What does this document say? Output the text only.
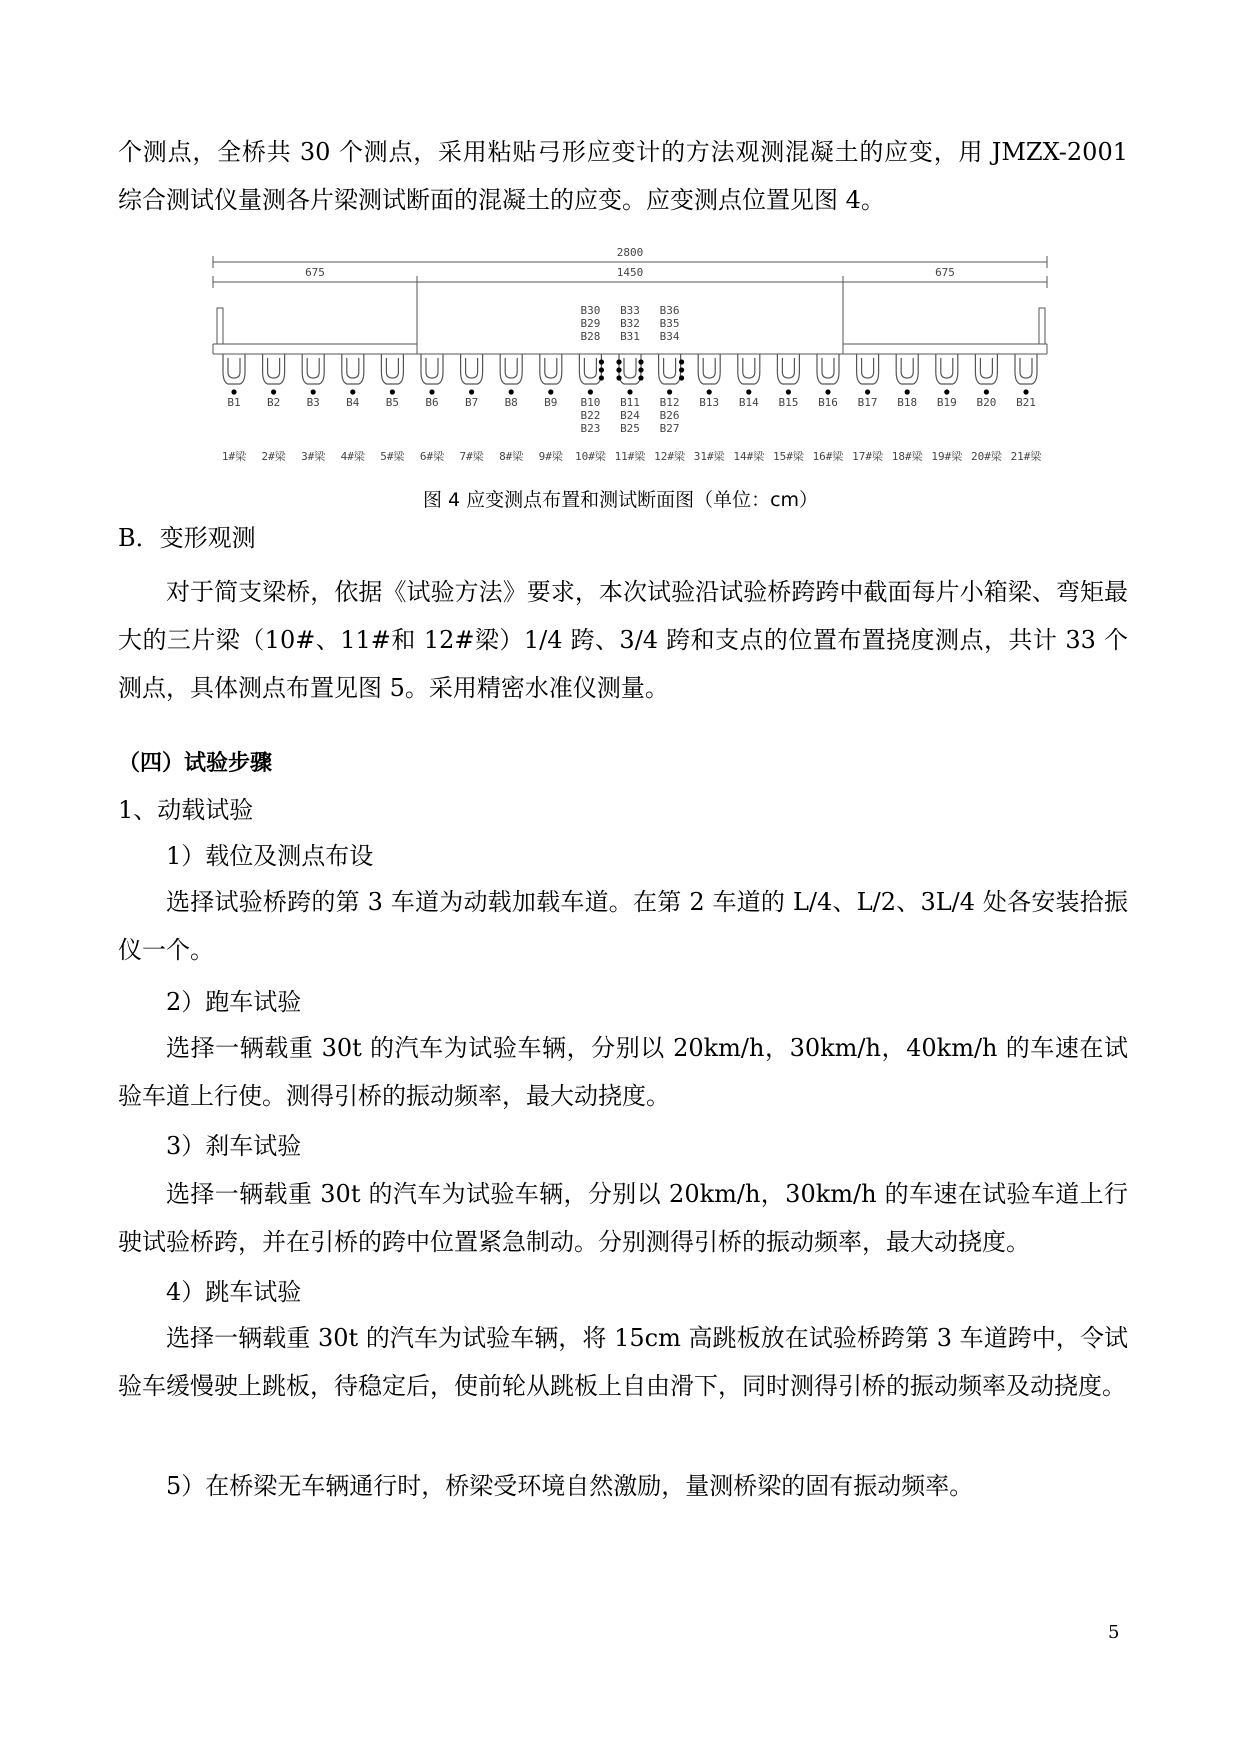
个测点，全桥共 30 个测点，采用粘贴弓形应变计的方法观测混凝土的应变，用 JMZX-2001 综合测试仪量测各片梁测试断面的混凝土的应变。应变测点位置见图 4。

2800
675	1450	675
B1
1#梁
B2
2#梁
B3
3#梁
B4
4#梁
B5
5#梁
B6
6#梁
B7
7#梁
B8
8#梁
B9
9#梁
B10
10#梁
B11
11#梁
B12
12#梁
B13
31#梁
B14
14#梁
B15
15#梁
B16
16#梁
B17
17#梁
B18
18#梁
B19
19#梁
B20
20#梁
B21
21#梁
B30
B29
B28
B22
B23
B33
B32
B31
B24
B25
B36
B35
B34
B26
B27
图 4 应变测点布置和测试断面图（单位：cm）

B．变形观测

对于简支梁桥，依据《试验方法》要求，本次试验沿试验桥跨跨中截面每片小箱梁、弯矩最大的三片梁（10#、11#和 12#梁）1/4 跨、3/4 跨和支点的位置布置挠度测点，共计 33 个测点，具体测点布置见图 5。采用精密水准仪测量。

（四）试验步骤

1、动载试验

1）载位及测点布设

选择试验桥跨的第 3 车道为动载加载车道。在第 2 车道的 L/4、L/2、3L/4 处各安装拾振仪一个。

2）跑车试验

选择一辆载重 30t 的汽车为试验车辆，分别以 20km/h，30km/h，40km/h 的车速在试验车道上行使。测得引桥的振动频率，最大动挠度。

3）刹车试验

选择一辆载重 30t 的汽车为试验车辆，分别以 20km/h，30km/h 的车速在试验车道上行驶试验桥跨，并在引桥的跨中位置紧急制动。分别测得引桥的振动频率，最大动挠度。

4）跳车试验

选择一辆载重 30t 的汽车为试验车辆，将 15cm 高跳板放在试验桥跨第 3 车道跨中，令试验车缓慢驶上跳板，待稳定后，使前轮从跳板上自由滑下，同时测得引桥的振动频率及动挠度。

5）在桥梁无车辆通行时，桥梁受环境自然激励，量测桥梁的固有振动频率。

5
